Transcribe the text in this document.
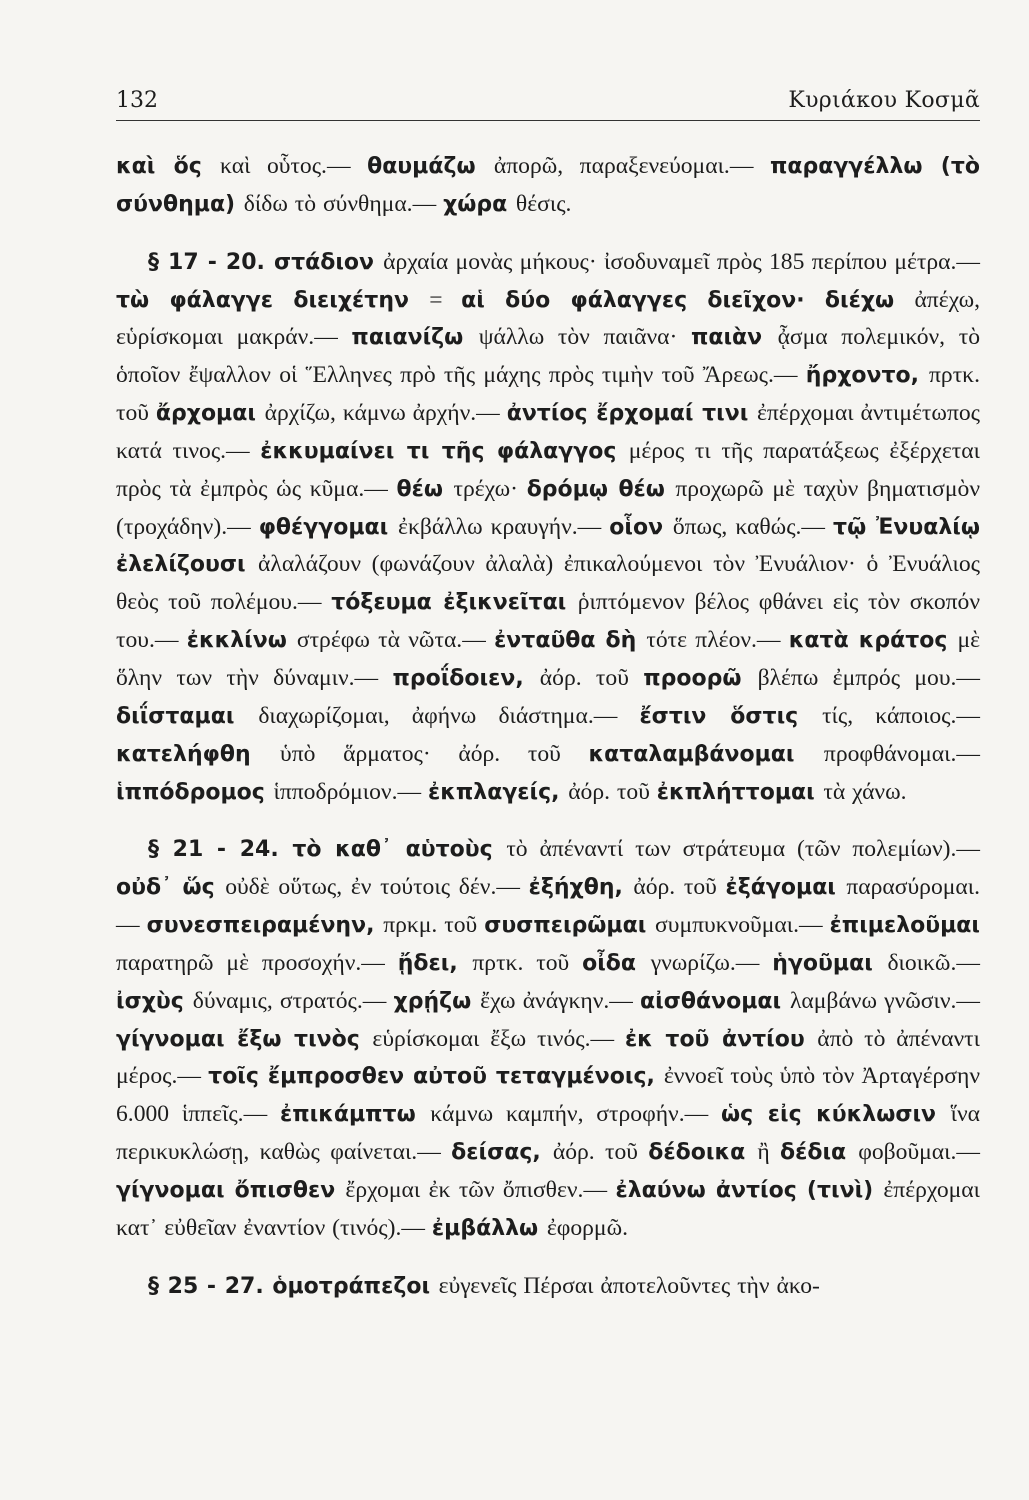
132	Κυριάκου Κοσμᾶ

καὶ ὅς καὶ οὗτος.— θαυμάζω ἀπορῶ, παραξενεύομαι.— παραγγέλλω (τὸ σύνθημα) δίδω τὸ σύνθημα.— χώρα θέσις.

§ 17 - 20. στάδιον ἀρχαία μονὰς μήκους· ἰσοδυναμεῖ πρὸς 185 περίπου μέτρα.— τὼ φάλαγγε διειχέτην = αἱ δύο φάλαγγες διεῖχον· διέχω ἀπέχω, εὑρίσκομαι μακράν.— παιανίζω ψάλλω τὸν παιᾶνα· παιὰν ᾆσμα πολεμικόν, τὸ ὁποῖον ἔψαλλον οἱ Ἕλληνες πρὸ τῆς μάχης πρὸς τιμὴν τοῦ Ἄρεως.— ἤρχοντο, πρτκ. τοῦ ἄρχομαι ἀρχίζω, κάμνω ἀρχήν.— ἀντίος ἔρχομαί τινι ἐπέρχομαι ἀντιμέτωπος κατά τινος.— ἐκκυμαίνει τι τῆς φάλαγγος μέρος τι τῆς παρατάξεως ἐξέρχεται πρὸς τὰ ἐμπρὸς ὡς κῦμα.— θέω τρέχω· δρόμῳ θέω προχωρῶ μὲ ταχὺν βηματισμὸν (τροχάδην).— φθέγγομαι ἐκβάλλω κραυγήν.— οἷον ὅπως, καθώς.— τῷ Ἐνυαλίῳ ἐλελίζουσι ἀλαλάζουν (φωνάζουν ἀλαλὰ) ἐπικαλούμενοι τὸν Ἐνυάλιον· ὁ Ἐνυάλιος θεὸς τοῦ πολέμου.— τόξευμα ἐξικνεῖται ῥιπτόμενον βέλος φθάνει εἰς τὸν σκοπόν του.— ἐκκλίνω στρέφω τὰ νῶτα.— ἐνταῦθα δὴ τότε πλέον.— κατὰ κράτος μὲ ὅλην των τὴν δύναμιν.— προΐδοιεν, ἀόρ. τοῦ προορῶ βλέπω ἐμπρός μου.— διΐσταμαι διαχωρίζομαι, ἀφήνω διάστημα.— ἔστιν ὅστις τίς, κάποιος.— κατελήφθη ὑπὸ ἅρματος· ἀόρ. τοῦ καταλαμβάνομαι προφθάνομαι.— ἱππόδρομος ἱπποδρόμιον.— ἐκπλαγείς, ἀόρ. τοῦ ἐκπλήττομαι τὰ χάνω.

§ 21 - 24. τὸ καθ᾽ αὑτοὺς τὸ ἀπέναντί των στράτευμα (τῶν πολεμίων).— οὐδ᾽ ὥς οὐδὲ οὕτως, ἐν τούτοις δέν.— ἐξήχθη, ἀόρ. τοῦ ἐξάγομαι παρασύρομαι.— συνεσπειραμένην, πρκμ. τοῦ συσπειρῶμαι συμπυκνοῦμαι.— ἐπιμελοῦμαι παρατηρῶ μὲ προσοχήν.— ᾔδει, πρτκ. τοῦ οἶδα γνωρίζω.— ἡγοῦμαι διοικῶ.— ἰσχὺς δύναμις, στρατός.— χρῄζω ἔχω ἀνάγκην.— αἰσθάνομαι λαμβάνω γνῶσιν.— γίγνομαι ἔξω τινὸς εὑρίσκομαι ἔξω τινός.— ἐκ τοῦ ἀντίου ἀπὸ τὸ ἀπέναντι μέρος.— τοῖς ἔμπροσθεν αὐτοῦ τεταγμένοις, ἐννοεῖ τοὺς ὑπὸ τὸν Ἀρταγέρσην 6.000 ἱππεῖς.— ἐπικάμπτω κάμνω καμπήν, στροφήν.— ὡς εἰς κύκλωσιν ἵνα περικυκλώσῃ, καθὼς φαίνεται.— δείσας, ἀόρ. τοῦ δέδοικα ἢ δέδια φοβοῦμαι.— γίγνομαι ὄπισθεν ἔρχομαι ἐκ τῶν ὄπισθεν.— ἐλαύνω ἀντίος (τινὶ) ἐπέρχομαι κατ᾽ εὐθεῖαν ἐναντίον (τινός).— ἐμβάλλω ἐφορμῶ.

§ 25 - 27. ὁμοτράπεζοι εὐγενεῖς Πέρσαι ἀποτελοῦντες τὴν ἀκο-
